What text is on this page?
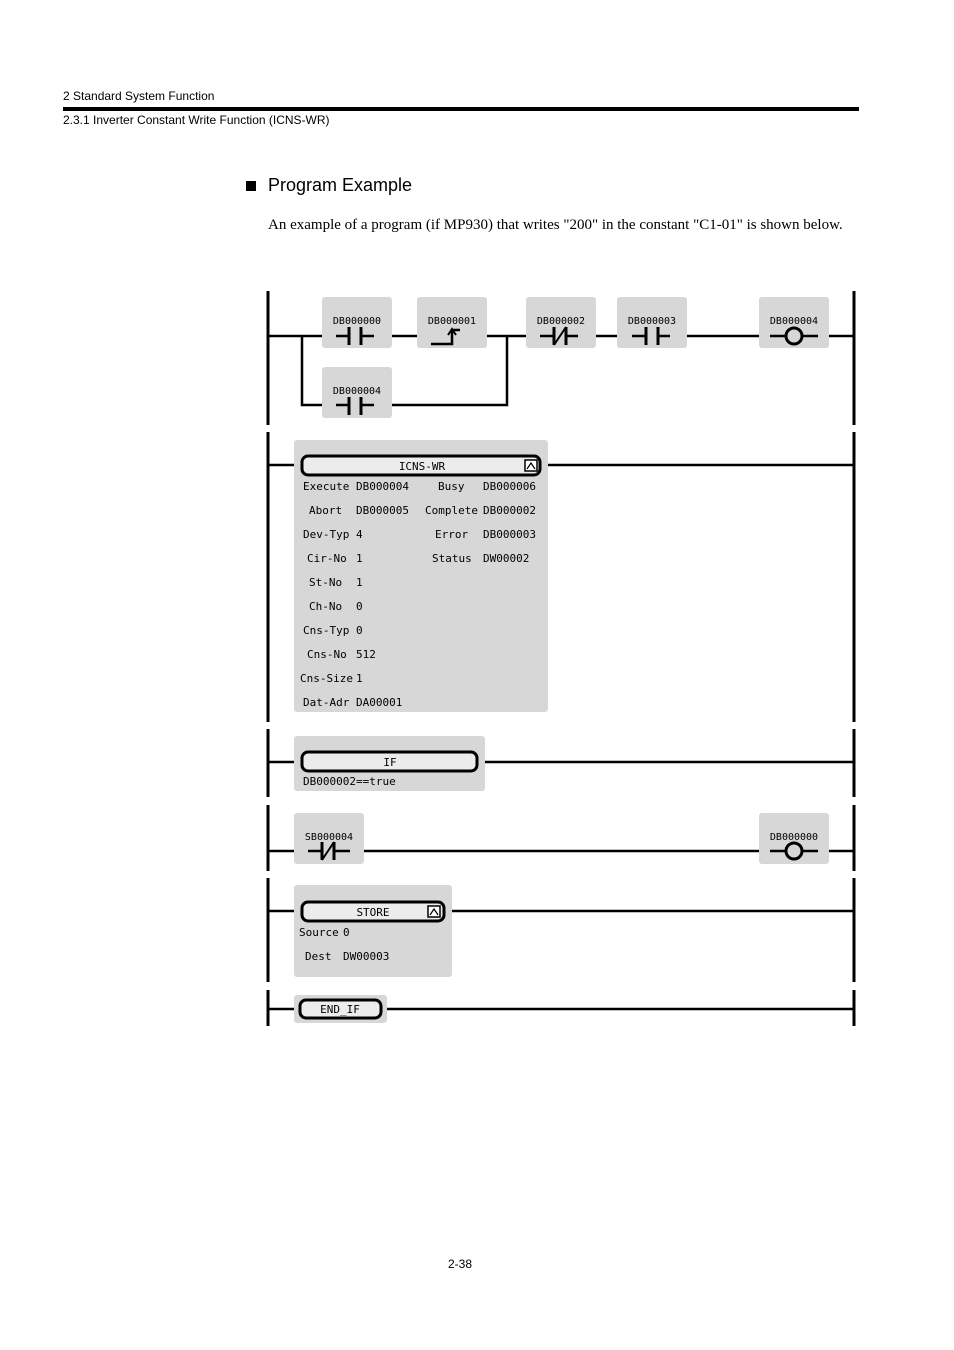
2 Standard System Function
2.3.1 Inverter Constant Write Function (ICNS-WR)
Program Example
An example of a program (if MP930) that writes "200" in the constant "C1-01" is shown below.
DB000000	DB000001	DB000002	DB000003	DB000004
DB000004
ICNS-WR
Execute DB000004
Abort DB000005
Dev-Typ 4
Cir-No 1
St-No 1
Ch-No 0
Cns-Typ 0
Cns-No 512
Cns-Size 1
Dat-Adr DA00001
Busy DB000006
Complete DB000002
Error DB000003
Status DW00002
IF
DB000002==true
SB000004	DB000000
STORE
Source 0
Dest DW00003
END_IF
2-38
